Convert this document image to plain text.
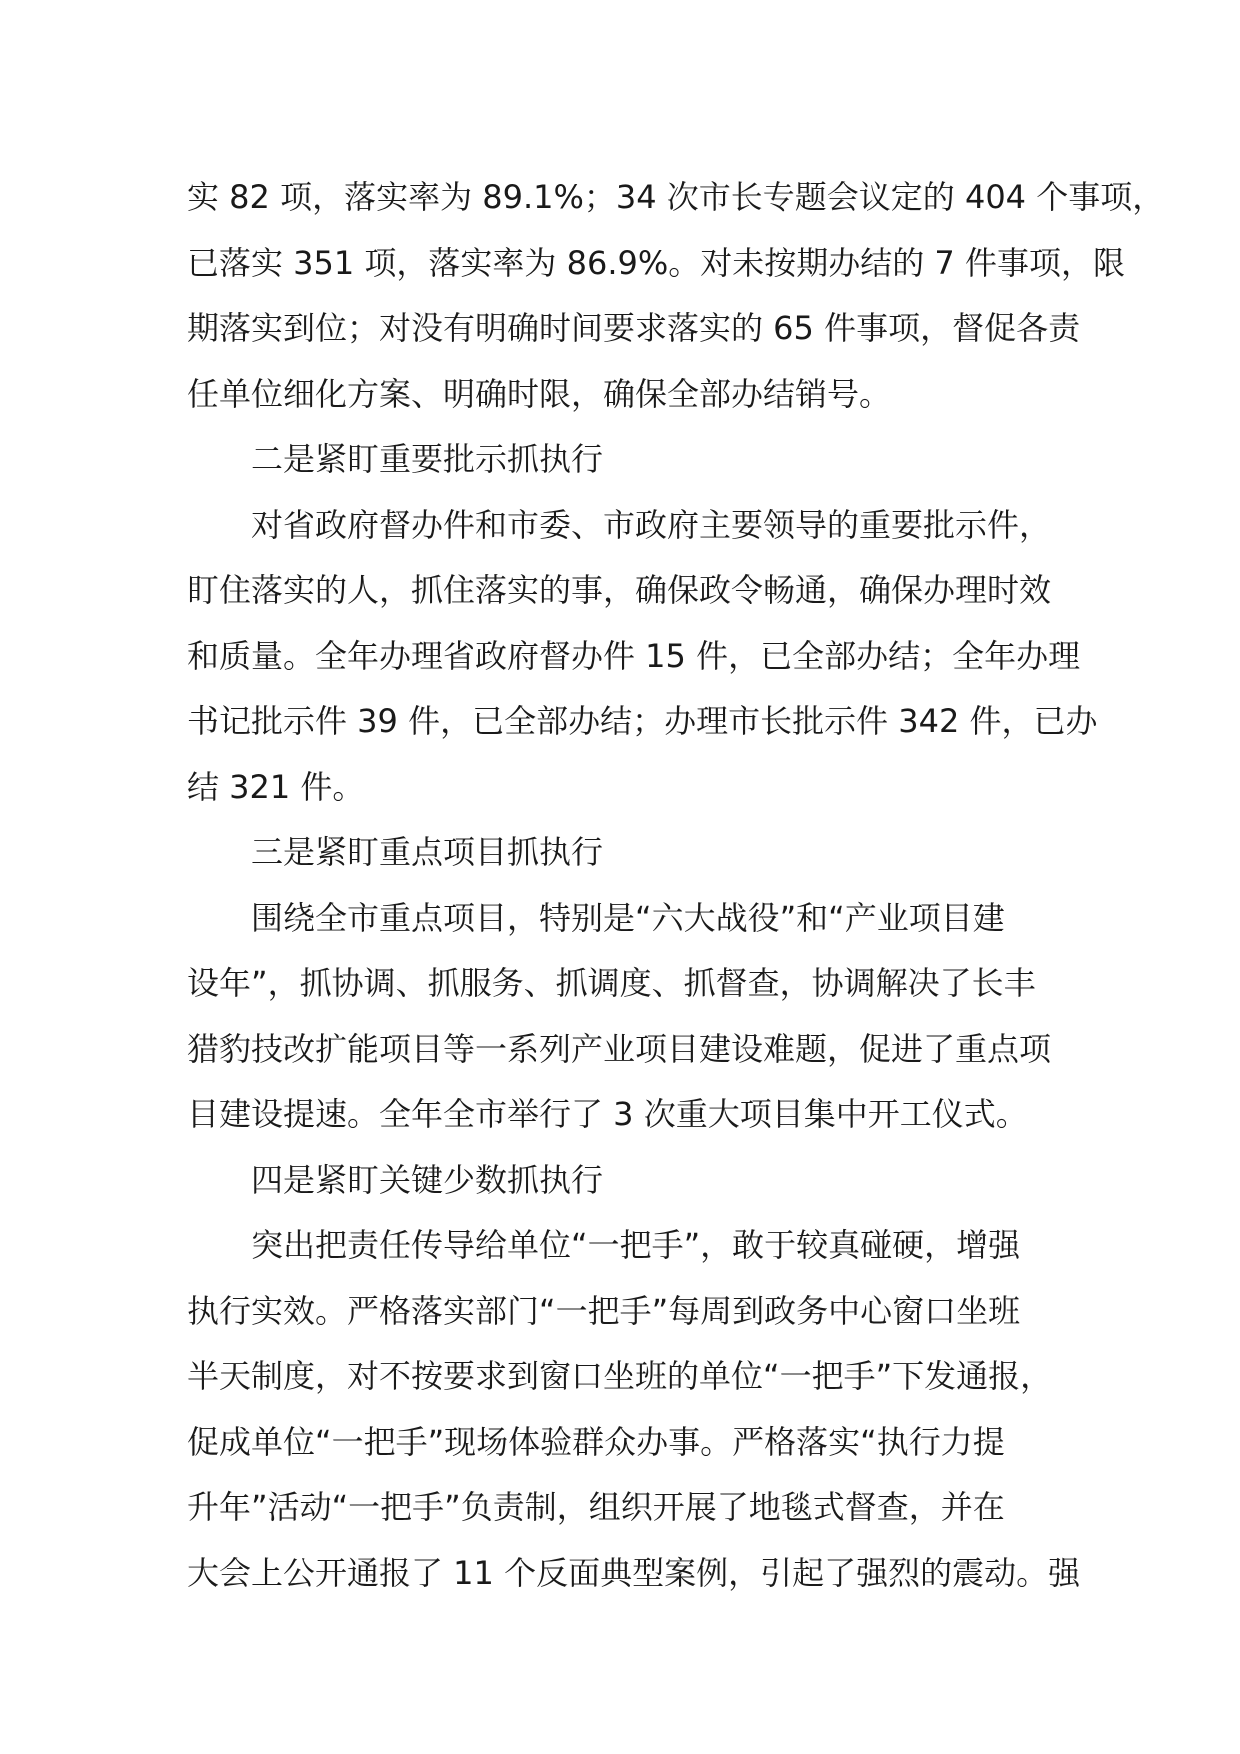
实 82 项，落实率为 89.1%；34 次市长专题会议定的 404 个事项，
已落实 351 项，落实率为 86.9%。对未按期办结的 7 件事项，限
期落实到位；对没有明确时间要求落实的 65 件事项，督促各责
任单位细化方案、明确时限，确保全部办结销号。
二是紧盯重要批示抓执行
对省政府督办件和市委、市政府主要领导的重要批示件，
盯住落实的人，抓住落实的事，确保政令畅通，确保办理时效
和质量。全年办理省政府督办件 15 件，已全部办结；全年办理
书记批示件 39 件，已全部办结；办理市长批示件 342 件，已办
结 321 件。
三是紧盯重点项目抓执行
围绕全市重点项目，特别是“六大战役”和“产业项目建
设年”，抓协调、抓服务、抓调度、抓督查，协调解决了长丰
猎豹技改扩能项目等一系列产业项目建设难题，促进了重点项
目建设提速。全年全市举行了 3 次重大项目集中开工仪式。
四是紧盯关键少数抓执行
突出把责任传导给单位“一把手”，敢于较真碰硬，增强
执行实效。严格落实部门“一把手”每周到政务中心窗口坐班
半天制度，对不按要求到窗口坐班的单位“一把手”下发通报，
促成单位“一把手”现场体验群众办事。严格落实“执行力提
升年”活动“一把手”负责制，组织开展了地毯式督查，并在
大会上公开通报了 11 个反面典型案例，引起了强烈的震动。强
